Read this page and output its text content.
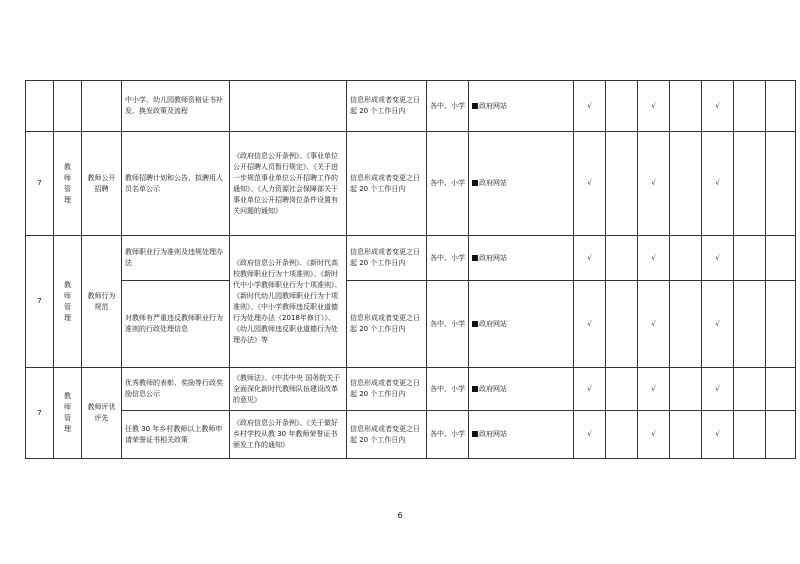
			中小学、幼儿园教师资格证书补发、换发政策及流程		信息形成或者变更之日起 20 个工作日内	各中、小学	政府网站	√		√		√		
7	教
师
管
理	教师公开招聘	教师招聘计划和公告、拟聘用人员名单公示	《政府信息公开条例》、《事业单位公开招聘人员暂行规定》、《关于进一步规范事业单位公开招聘工作的通知》、《人力资源社会保障部关于事业单位公开招聘岗位条件设置有关问题的通知》	信息形成或者变更之日起 20 个工作日内	各中、小学	政府网站	√		√		√		
7	教
师
管
理	教师行为规范	教师职业行为准则及违规处理办法	《政府信息公开条例》、《新时代高校教师职业行为十项准则》、《新时代中小学教师职业行为十项准则》、《新时代幼儿园教师职业行为十项准则》、《中小学教师违反职业道德行为处理办法（2018年修订）》、《幼儿园教师违反职业道德行为处理办法》等	信息形成或者变更之日起 20 个工作日内	各中、小学	政府网站	√		√		√		
			对教师有严重违反教师职业行为准则的行政处理信息		信息形成或者变更之日起 20 个工作日内	各中、小学	政府网站	√		√		√		
7	教
师
管
理	教师评优评先	优秀教师的表彰、奖励等行政奖励信息公示	《教师法》、《中共中央 国务院关于全面深化新时代教师队伍建设改革的意见》	信息形成或者变更之日起 20 个工作日内	各中、小学	政府网站	√		√		√		
			任教 30 年乡村教师以上教师申请荣誉证书相关政策	《政府信息公开条例》、《关于做好乡村学校从教 30 年教师荣誉证书颁发工作的通知》	信息形成或者变更之日起 20 个工作日内	各中、小学	政府网站	√		√		√		
6
